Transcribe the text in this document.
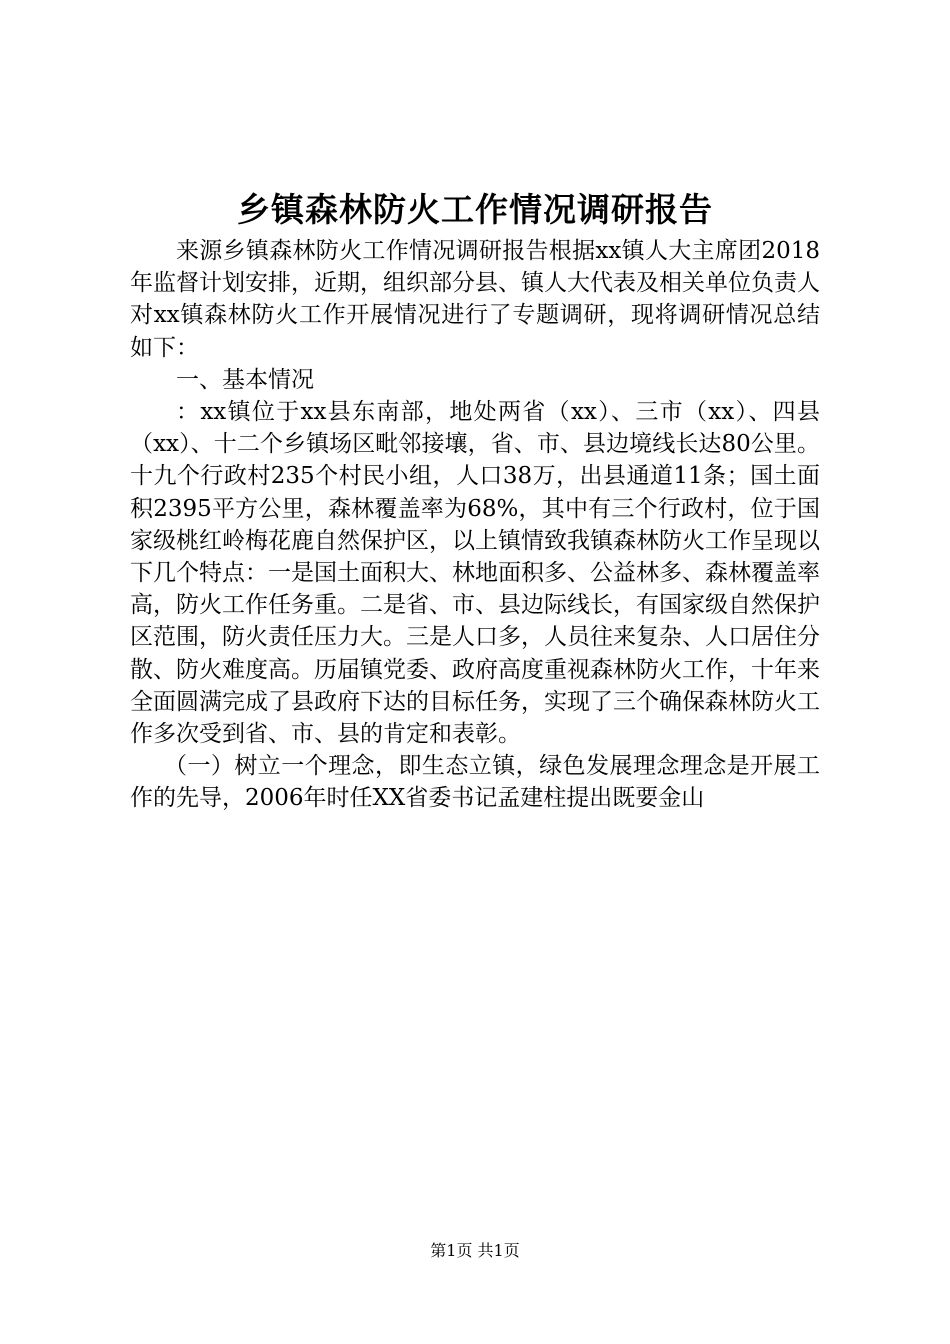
乡镇森林防火工作情况调研报告

来源乡镇森林防火工作情况调研报告根据xx镇人大主席团2018年监督计划安排，近期，组织部分县、镇人大代表及相关单位负责人对xx镇森林防火工作开展情况进行了专题调研，现将调研情况总结如下：

一、基本情况

：xx镇位于xx县东南部，地处两省（xx）、三市（xx）、四县（xx）、十二个乡镇场区毗邻接壤，省、市、县边境线长达80公里。十九个行政村235个村民小组，人口38万，出县通道11条；国土面积2395平方公里，森林覆盖率为68%，其中有三个行政村，位于国家级桃红岭梅花鹿自然保护区，以上镇情致我镇森林防火工作呈现以下几个特点：一是国土面积大、林地面积多、公益林多、森林覆盖率高，防火工作任务重。二是省、市、县边际线长，有国家级自然保护区范围，防火责任压力大。三是人口多，人员往来复杂、人口居住分散、防火难度高。历届镇党委、政府高度重视森林防火工作，十年来全面圆满完成了县政府下达的目标任务，实现了三个确保森林防火工作多次受到省、市、县的肯定和表彰。

（一）树立一个理念，即生态立镇，绿色发展理念理念是开展工作的先导，2006年时任XX省委书记孟建柱提出既要金山

第1页 共1页
